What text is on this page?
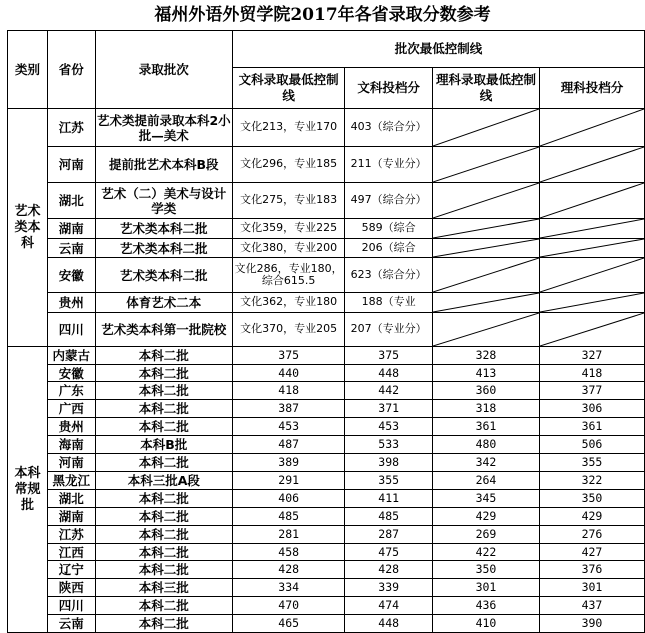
福州外语外贸学院2017年各省录取分数参考
类别	省份	录取批次	批次最低控制线			
			文科录取最低控制线	文科投档分	理科录取最低控制线	理科投档分
艺术类本科	江苏	艺术类提前录取本科2小批—美术	文化213，专业170	403（综合分）	

	河南	提前批艺术本科B段	文化296，专业185	211（专业分）	

	湖北	艺术（二）美术与设计学类	文化275，专业183	497（综合分）	

	湖南	艺术类本科二批	文化359，专业225	589（综合	

	云南	艺术类本科二批	文化380，专业200	206（综合	

	安徽	艺术类本科二批	文化286，专业180，综合615.5	623（综合分）	

	贵州	体育艺术二本	文化362，专业180	188（专业	

	四川	艺术类本科第一批院校	文化370，专业205	207（专业分）	

本科常规批	内蒙古	本科二批	375	375	328	327
	安徽	本科二批	440	448	413	418
	广东	本科二批	418	442	360	377
	广西	本科二批	387	371	318	306
	贵州	本科二批	453	453	361	361
	海南	本科B批	487	533	480	506
	河南	本科二批	389	398	342	355
	黑龙江	本科三批A段	291	355	264	322
	湖北	本科二批	406	411	345	350
	湖南	本科二批	485	485	429	429
	江苏	本科二批	281	287	269	276
	江西	本科二批	458	475	422	427
	辽宁	本科二批	428	428	350	376
	陕西	本科三批	334	339	301	301
	四川	本科二批	470	474	436	437
	云南	本科二批	465	448	410	390
